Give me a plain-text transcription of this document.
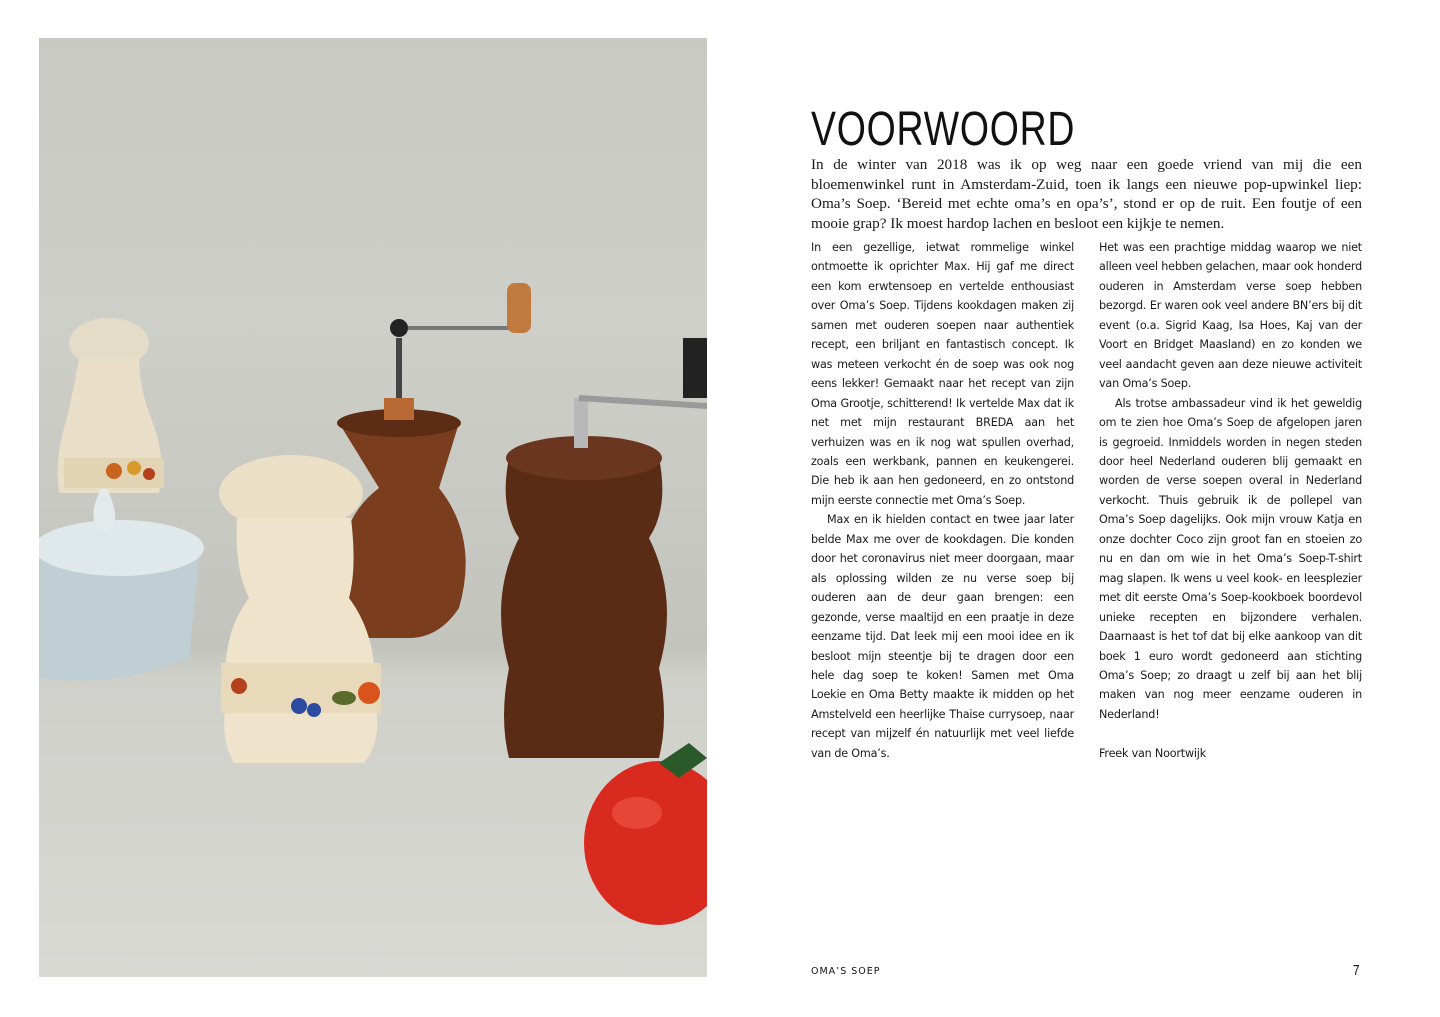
VOORWOORD

In de winter van 2018 was ik op weg naar een goede vriend van mij die een bloemenwinkel runt in Amsterdam-Zuid, toen ik langs een nieuwe pop-upwinkel liep: Oma’s Soep. ‘Bereid met echte oma’s en opa’s’, stond er op de ruit. Een foutje of een mooie grap? Ik moest hardop lachen en besloot een kijkje te nemen.

In een gezellige, ietwat rommelige winkel ontmoette ik oprichter Max. Hij gaf me direct een kom erwtensoep en vertelde enthousiast over Oma’s Soep. Tijdens kookdagen maken zij samen met ouderen soepen naar authentiek recept, een briljant en fantastisch concept. Ik was meteen verkocht én de soep was ook nog eens lekker! Gemaakt naar het recept van zijn Oma Grootje, schitterend! Ik vertelde Max dat ik net met mijn restaurant BREDA aan het verhuizen was en ik nog wat spullen overhad, zoals een werkbank, pannen en keukengerei. Die heb ik aan hen gedoneerd, en zo ontstond mijn eerste connectie met Oma’s Soep.

Max en ik hielden contact en twee jaar later belde Max me over de kookdagen. Die konden door het coronavirus niet meer doorgaan, maar als oplossing wilden ze nu verse soep bij ouderen aan de deur gaan brengen: een gezonde, verse maaltijd en een praatje in deze eenzame tijd. Dat leek mij een mooi idee en ik besloot mijn steentje bij te dragen door een hele dag soep te koken! Samen met Oma Loekie en Oma Betty maakte ik midden op het Amstelveld een heerlijke Thaise currysoep, naar recept van mijzelf én natuurlijk met veel liefde van de Oma’s.

Het was een prachtige middag waarop we niet alleen veel hebben gelachen, maar ook honderd ouderen in Amsterdam verse soep hebben bezorgd. Er waren ook veel andere BN’ers bij dit event (o.a. Sigrid Kaag, Isa Hoes, Kaj van der Voort en Bridget Maasland) en zo konden we veel aandacht geven aan deze nieuwe activiteit van Oma’s Soep.

Als trotse ambassadeur vind ik het geweldig om te zien hoe Oma’s Soep de afgelopen jaren is gegroeid. Inmiddels worden in negen steden door heel Nederland ouderen blij gemaakt en worden de verse soepen overal in Nederland verkocht. Thuis gebruik ik de pollepel van Oma’s Soep dagelijks. Ook mijn vrouw Katja en onze dochter Coco zijn groot fan en stoeien zo nu en dan om wie in het Oma’s Soep-T-shirt mag slapen. Ik wens u veel kook- en leesplezier met dit eerste Oma’s Soep-kookboek boordevol unieke recepten en bijzondere verhalen. Daarnaast is het tof dat bij elke aankoop van dit boek 1 euro wordt gedoneerd aan stichting Oma’s Soep; zo draagt u zelf bij aan het blij maken van nog meer eenzame ouderen in Nederland!

Freek van Noortwijk

OMA’S SOEP	7
